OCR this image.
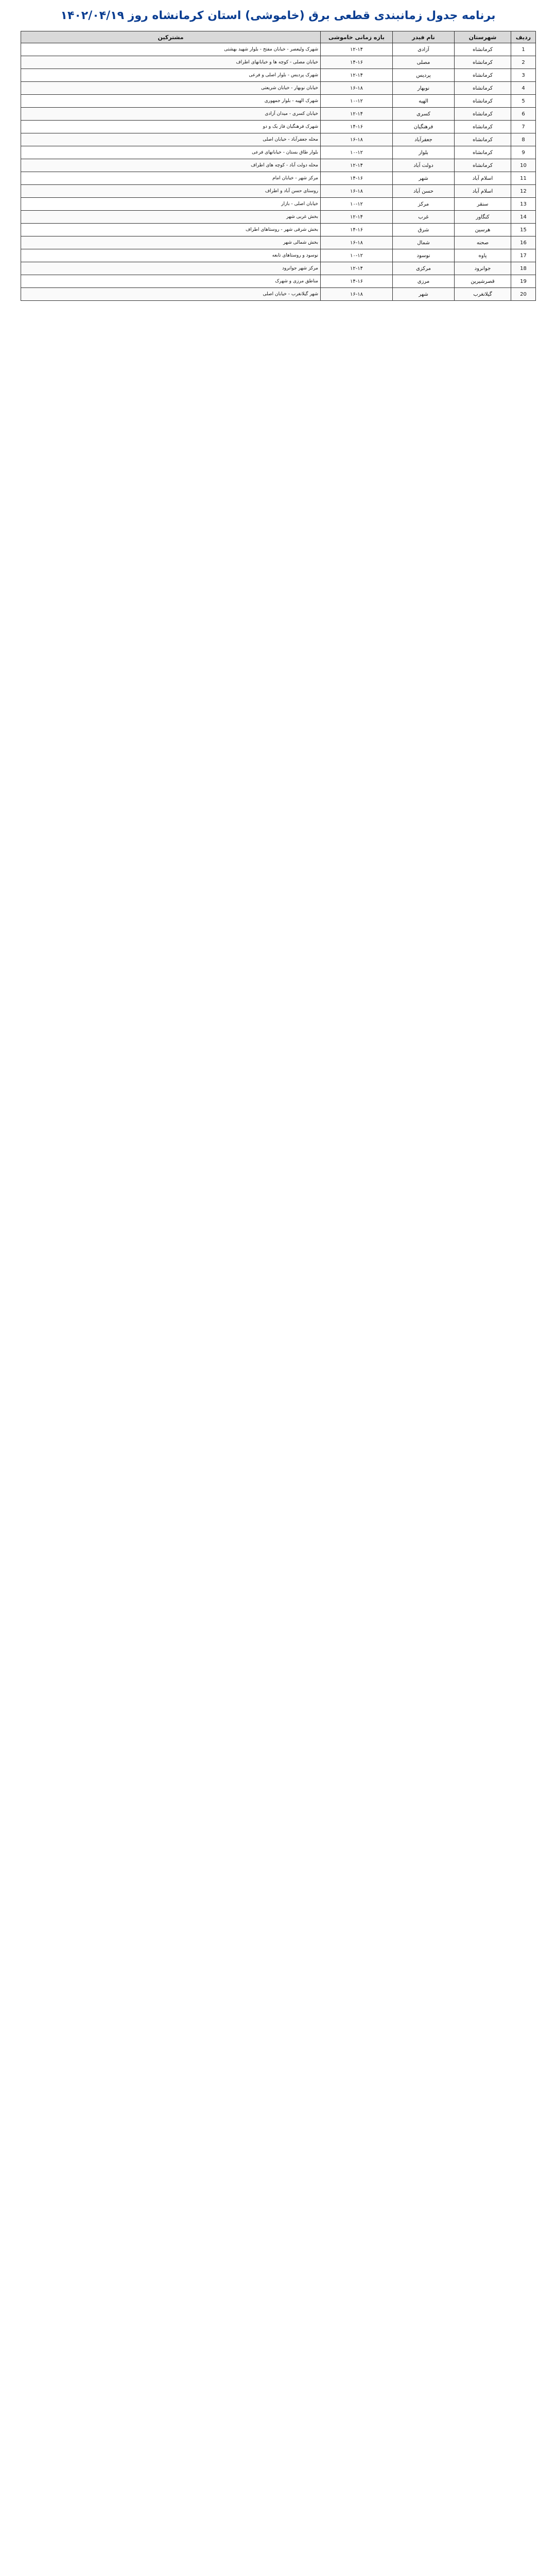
برنامه جدول زمانبندی قطعی برق (خاموشی) استان کرمانشاه روز ۱۴۰۲/۰۴/۱۹
ردیف	شهرستان	نام فیدر	بازه زمانی خاموشی	مشترکین
1	کرمانشاه	آزادی	۱۲-۱۴	شهرک ولیعصر - خیابان مفتح - بلوار شهید بهشتی
2	کرمانشاه	مصلی	۱۴-۱۶	خیابان مصلی - کوچه ها و خیابانهای اطراف
3	کرمانشاه	پردیس	۱۲-۱۴	شهرک پردیس - بلوار اصلی و فرعی
4	کرمانشاه	نوبهار	۱۶-۱۸	خیابان نوبهار - خیابان شریعتی
5	کرمانشاه	الهیه	۱۰-۱۲	شهرک الهیه - بلوار جمهوری
6	کرمانشاه	کسری	۱۲-۱۴	خیابان کسری - میدان آزادی
7	کرمانشاه	فرهنگیان	۱۴-۱۶	شهرک فرهنگیان فاز یک و دو
8	کرمانشاه	جعفرآباد	۱۶-۱۸	محله جعفرآباد - خیابان اصلی
9	کرمانشاه	بلوار	۱۰-۱۲	بلوار طاق بستان - خیابانهای فرعی
10	کرمانشاه	دولت آباد	۱۲-۱۴	محله دولت آباد - کوچه های اطراف
11	اسلام آباد	شهر	۱۴-۱۶	مرکز شهر - خیابان امام
12	اسلام آباد	حسن آباد	۱۶-۱۸	روستای حسن آباد و اطراف
13	سنقر	مرکز	۱۰-۱۲	خیابان اصلی - بازار
14	کنگاور	غرب	۱۲-۱۴	بخش غربی شهر
15	هرسین	شرق	۱۴-۱۶	بخش شرقی شهر - روستاهای اطراف
16	صحنه	شمال	۱۶-۱۸	بخش شمالی شهر
17	پاوه	نوسود	۱۰-۱۲	نوسود و روستاهای تابعه
18	جوانرود	مرکزی	۱۲-۱۴	مرکز شهر جوانرود
19	قصرشیرین	مرزی	۱۴-۱۶	مناطق مرزی و شهرک
20	گیلانغرب	شهر	۱۶-۱۸	شهر گیلانغرب - خیابان اصلی
